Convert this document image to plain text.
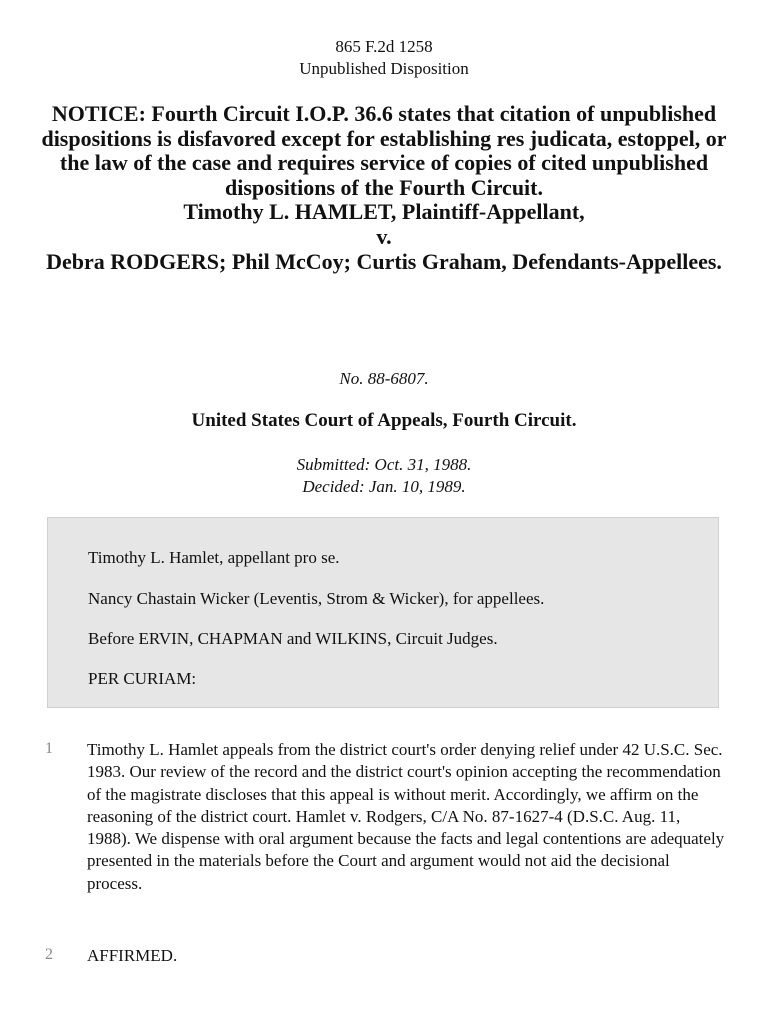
865 F.2d 1258
Unpublished Disposition
NOTICE: Fourth Circuit I.O.P. 36.6 states that citation of unpublished dispositions is disfavored except for establishing res judicata, estoppel, or the law of the case and requires service of copies of cited unpublished dispositions of the Fourth Circuit.
Timothy L. HAMLET, Plaintiff-Appellant,
v.
Debra RODGERS; Phil McCoy; Curtis Graham, Defendants-Appellees.
No. 88-6807.
United States Court of Appeals, Fourth Circuit.
Submitted: Oct. 31, 1988.
Decided: Jan. 10, 1989.

Timothy L. Hamlet, appellant pro se.

Nancy Chastain Wicker (Leventis, Strom & Wicker), for appellees.

Before ERVIN, CHAPMAN and WILKINS, Circuit Judges.

PER CURIAM:

1 Timothy L. Hamlet appeals from the district court's order denying relief under 42 U.S.C. Sec. 1983. Our review of the record and the district court's opinion accepting the recommendation of the magistrate discloses that this appeal is without merit. Accordingly, we affirm on the reasoning of the district court. Hamlet v. Rodgers, C/A No. 87-1627-4 (D.S.C. Aug. 11, 1988). We dispense with oral argument because the facts and legal contentions are adequately presented in the materials before the Court and argument would not aid the decisional process.
2 AFFIRMED.
